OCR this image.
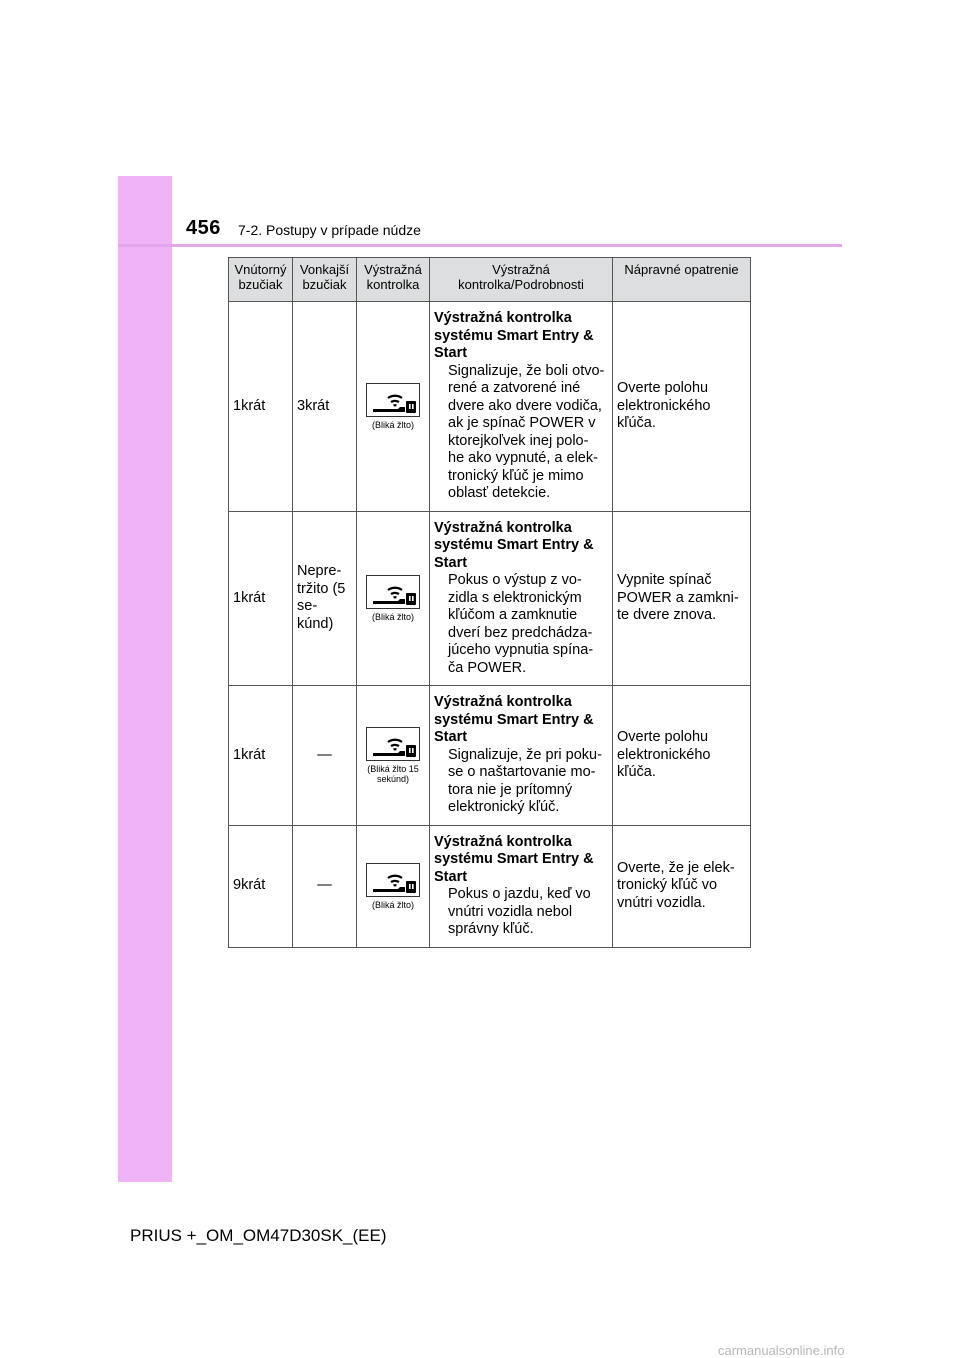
456 7-2. Postupy v prípade núdze
Vnútorný bzučiak	Vonkajší bzučiak	Výstražná kontrolka	Výstražná kontrolka/Podrobnosti	Nápravné opatrenie
1krát	3krát	(Bliká žlto)	Výstražná kontrolka systému Smart Entry & Start
Signalizuje, že boli otvo- rené a zatvorené iné dvere ako dvere vodiča, ak je spínač POWER v ktorejkoľvek inej polo- he ako vypnuté, a elek- tronický kľúč je mimo oblasť detekcie.	Overte polohu elektronického kľúča.
1krát	Nepre- tržito (5 se- kúnd)	(Bliká žlto)	Výstražná kontrolka systému Smart Entry & Start
Pokus o výstup z vo- zidla s elektronickým kľúčom a zamknutie dverí bez predchádza- júceho vypnutia spína- ča POWER.	Vypnite spínač POWER a zamkni- te dvere znova.
1krát	—	(Bliká žlto 15 sekúnd)	Výstražná kontrolka systému Smart Entry & Start
Signalizuje, že pri poku- se o naštartovanie mo- tora nie je prítomný elektronický kľúč.	Overte polohu elektronického kľúča.
9krát	—	(Bliká žlto)	Výstražná kontrolka systému Smart Entry & Start
Pokus o jazdu, keď vo vnútri vozidla nebol správny kľúč.	Overte, že je elek- tronický kľúč vo vnútri vozidla.
PRIUS +_OM_OM47D30SK_(EE)
carmanualsonline.info
